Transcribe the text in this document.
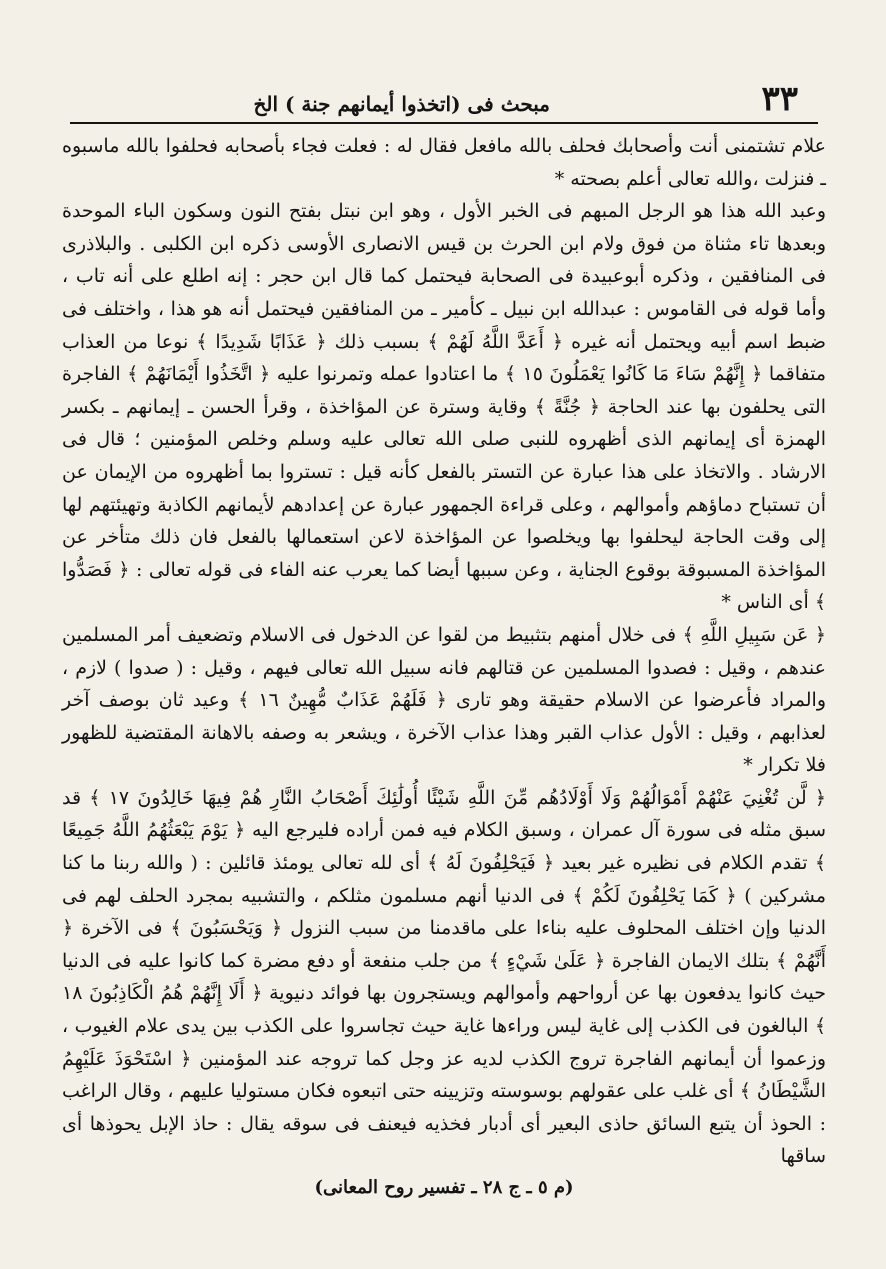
٣٣
مبحث فى (اتخذوا أيمانهم جنة ) الخ

علام تشتمنى أنت وأصحابك فحلف بالله مافعل فقال له : فعلت فجاء بأصحابه فحلفوا بالله ماسبوه ـ فنزلت ،والله تعالى أعلم بصحته *

وعبد الله هذا هو الرجل المبهم فى الخبر الأول ، وهو ابن نبتل بفتح النون وسكون الباء الموحدة وبعدها تاء مثناة من فوق ولام ابن الحرث بن قيس الانصارى الأوسى ذكره ابن الكلبى . والبلاذرى فى المنافقين ، وذكره أبوعبيدة فى الصحابة فيحتمل كما قال ابن حجر : إنه اطلع على أنه تاب ، وأما قوله فى القاموس : عبدالله ابن نبيل ـ كأمير ـ من المنافقين فيحتمل أنه هو هذا ، واختلف فى ضبط اسم أبيه ويحتمل أنه غيره ﴿ أَعَدَّ اللَّهُ لَهُمْ ﴾ بسبب ذلك ﴿ عَذَابًا شَدِيدًا ﴾ نوعا من العذاب متفاقما ﴿ إِنَّهُمْ سَاءَ مَا كَانُوا يَعْمَلُونَ ١٥ ﴾ ما اعتادوا عمله وتمرنوا عليه ﴿ اتَّخَذُوا أَيْمَانَهُمْ ﴾ الفاجرة التى يحلفون بها عند الحاجة ﴿ جُنَّةً ﴾ وقاية وسترة عن المؤاخذة ، وقرأ الحسن ـ إيمانهم ـ بكسر الهمزة أى إيمانهم الذى أظهروه للنبى صلى الله تعالى عليه وسلم وخلص المؤمنين ؛ قال فى الارشاد . والاتخاذ على هذا عبارة عن التستر بالفعل كأنه قيل : تستروا بما أظهروه من الإيمان عن أن تستباح دماؤهم وأموالهم ، وعلى قراءة الجمهور عبارة عن إعدادهم لأيمانهم الكاذبة وتهيئتهم لها إلى وقت الحاجة ليحلفوا بها ويخلصوا عن المؤاخذة لاعن استعمالها بالفعل فان ذلك متأخر عن المؤاخذة المسبوقة بوقوع الجناية ، وعن سببها أيضا كما يعرب عنه الفاء فى قوله تعالى : ﴿ فَصَدُّوا ﴾ أى الناس *

﴿ عَن سَبِيلِ اللَّهِ ﴾ فى خلال أمنهم بتثبيط من لقوا عن الدخول فى الاسلام وتضعيف أمر المسلمين عندهم ، وقيل : فصدوا المسلمين عن قتالهم فانه سبيل الله تعالى فيهم ، وقيل : ( صدوا ) لازم ، والمراد فأعرضوا عن الاسلام حقيقة وهو تارى ﴿ فَلَهُمْ عَذَابٌ مُّهِينٌ ١٦ ﴾ وعيد ثان بوصف آخر لعذابهم ، وقيل : الأول عذاب القبر وهذا عذاب الآخرة ، ويشعر به وصفه بالاهانة المقتضية للظهور فلا تكرار *

﴿ لَّن تُغْنِيَ عَنْهُمْ أَمْوَالُهُمْ وَلَا أَوْلَادُهُم مِّنَ اللَّهِ شَيْئًا أُولَٰئِكَ أَصْحَابُ النَّارِ هُمْ فِيهَا خَالِدُونَ ١٧ ﴾ قد سبق مثله فى سورة آل عمران ، وسبق الكلام فيه فمن أراده فليرجع اليه ﴿ يَوْمَ يَبْعَثُهُمُ اللَّهُ جَمِيعًا ﴾ تقدم الكلام فى نظيره غير بعيد ﴿ فَيَحْلِفُونَ لَهُ ﴾ أى لله تعالى يومئذ قائلين : ( والله ربنا ما كنا مشركين ) ﴿ كَمَا يَحْلِفُونَ لَكُمْ ﴾ فى الدنيا أنهم مسلمون مثلكم ، والتشبيه بمجرد الحلف لهم فى الدنيا وإن اختلف المحلوف عليه بناءا على ماقدمنا من سبب النزول ﴿ وَيَحْسَبُونَ ﴾ فى الآخرة ﴿ أَنَّهُمْ ﴾ بتلك الايمان الفاجرة ﴿ عَلَىٰ شَيْءٍ ﴾ من جلب منفعة أو دفع مضرة كما كانوا عليه فى الدنيا حيث كانوا يدفعون بها عن أرواحهم وأموالهم ويستجرون بها فوائد دنيوية ﴿ أَلَا إِنَّهُمْ هُمُ الْكَاذِبُونَ ١٨ ﴾ البالغون فى الكذب إلى غاية ليس وراءها غاية حيث تجاسروا على الكذب بين يدى علام الغيوب ، وزعموا أن أيمانهم الفاجرة تروج الكذب لديه عز وجل كما تروجه عند المؤمنين ﴿ اسْتَحْوَذَ عَلَيْهِمُ الشَّيْطَانُ ﴾ أى غلب على عقولهم بوسوسته وتزيينه حتى اتبعوه فكان مستوليا عليهم ، وقال الراغب : الحوذ أن يتبع السائق حاذى البعير أى أدبار فخذيه فيعنف فى سوقه يقال : حاذ الإبل يحوذها أى ساقها

(م ٥ ـ ج ٢٨ ـ تفسير روح المعانى)
